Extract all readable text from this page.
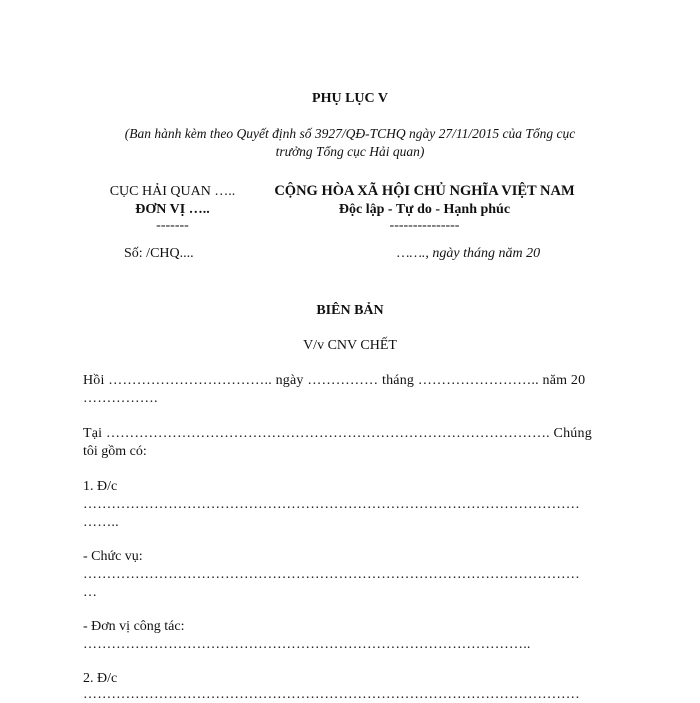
PHỤ LỤC V
(Ban hành kèm theo Quyết định số 3927/QĐ-TCHQ ngày 27/11/2015 của Tổng cục
trưởng Tổng cục Hải quan)
CỤC HẢI QUAN …..
ĐƠN VỊ …..
-------
Số: /CHQ....
CỘNG HÒA XÃ HỘI CHỦ NGHĨA VIỆT NAM
Độc lập - Tự do - Hạnh phúc
---------------
……., ngày tháng năm 20
BIÊN BẢN
V/v CNV CHẾT
Hồi …………………………….. ngày …………… tháng …………………….. năm 20
…………….
Tại …………………………………………………………………………………. Chúng
tôi gồm có:
1. Đ/c
……………………………………………………………………………………………
……..
- Chức vụ:
……………………………………………………………………………………………
…
- Đơn vị công tác:
…………………………………………………………………………………..
2. Đ/c
……………………………………………………………………………………………
